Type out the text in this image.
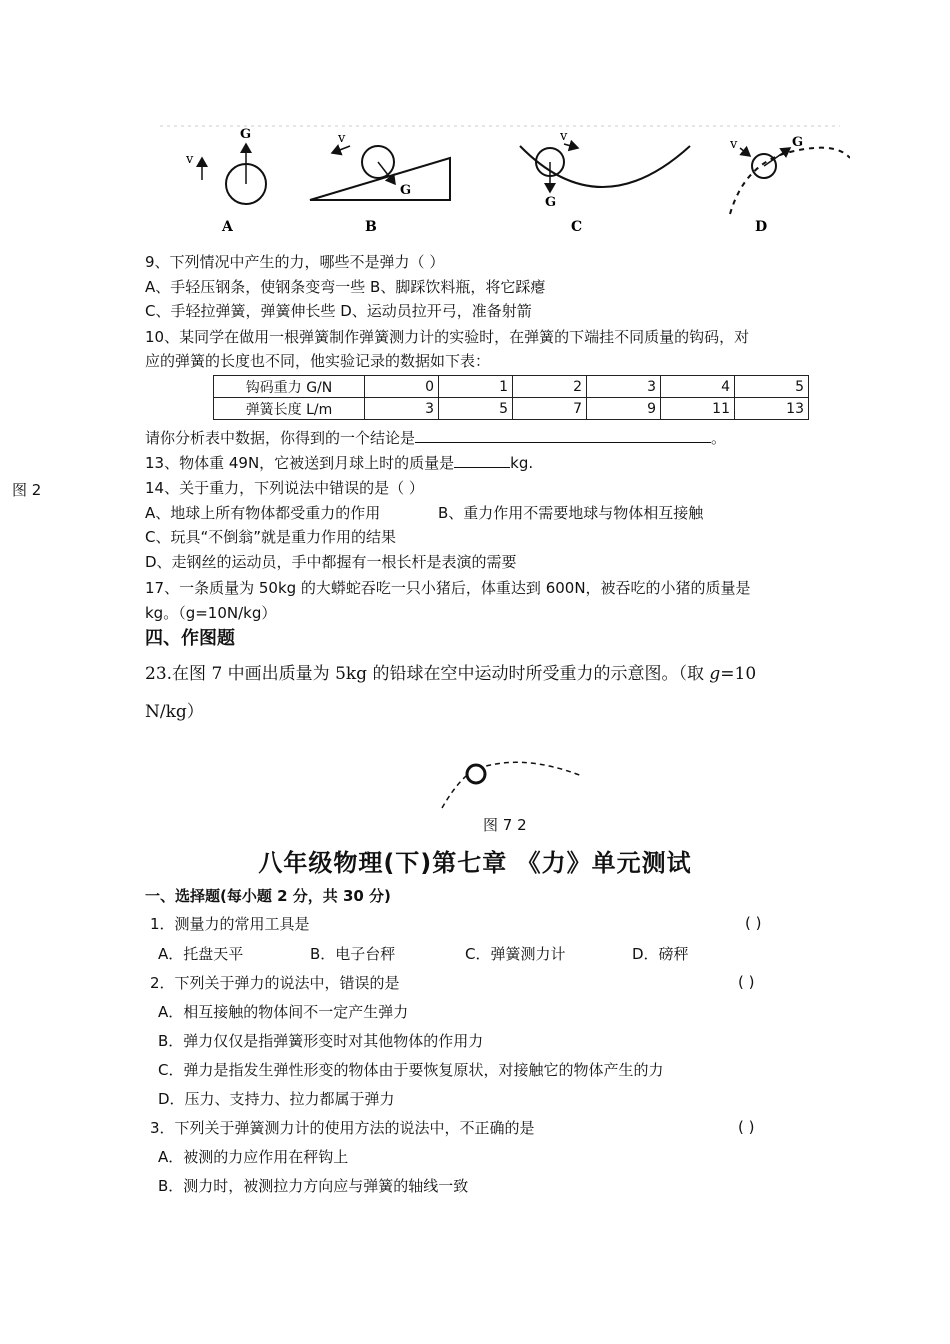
v
G
A
v
G
B
v
G
C
G
v
D
9、下列情况中产生的力，哪些不是弹力（ ）
A、手轻压钢条，使钢条变弯一些 B、脚踩饮料瓶，将它踩瘪
C、手轻拉弹簧，弹簧伸长些 D、运动员拉开弓，准备射箭
10、某同学在做用一根弹簧制作弹簧测力计的实验时，在弹簧的下端挂不同质量的钩码，对
应的弹簧的长度也不同，他实验记录的数据如下表：
钩码重力 G/N	0	1	2	3	4	5
弹簧长度 L/m	3	5	7	9	11	13
请你分析表中数据，你得到的一个结论是	。
13、物体重 49N，它被送到月球上时的质量是	kg.
图 2	14、关于重力，下列说法中错误的是（ ）
A、地球上所有物体都受重力的作用	B、重力作用不需要地球与物体相互接触
C、玩具“不倒翁”就是重力作用的结果
D、走钢丝的运动员，手中都握有一根长杆是表演的需要
17、一条质量为 50kg 的大蟒蛇吞吃一只小猪后，体重达到 600N，被吞吃的小猪的质量是
kg。（g=10N/kg）
四、作图题
23.在图 7 中画出质量为 5kg 的铅球在空中运动时所受重力的示意图。（取 g=10
N/kg）
图 7 2
八年级物理(下)第七章 《力》单元测试
一、选择题(每小题 2 分，共 30 分)
1．测量力的常用工具是	( )
A．托盘天平	B．电子台秤	C．弹簧测力计	D．磅秤
2．下列关于弹力的说法中，错误的是	( )
A．相互接触的物体间不一定产生弹力
B．弹力仅仅是指弹簧形变时对其他物体的作用力
C．弹力是指发生弹性形变的物体由于要恢复原状，对接触它的物体产生的力
D．压力、支持力、拉力都属于弹力
3．下列关于弹簧测力计的使用方法的说法中，不正确的是	( )
A．被测的力应作用在秤钩上
B．测力时，被测拉力方向应与弹簧的轴线一致
